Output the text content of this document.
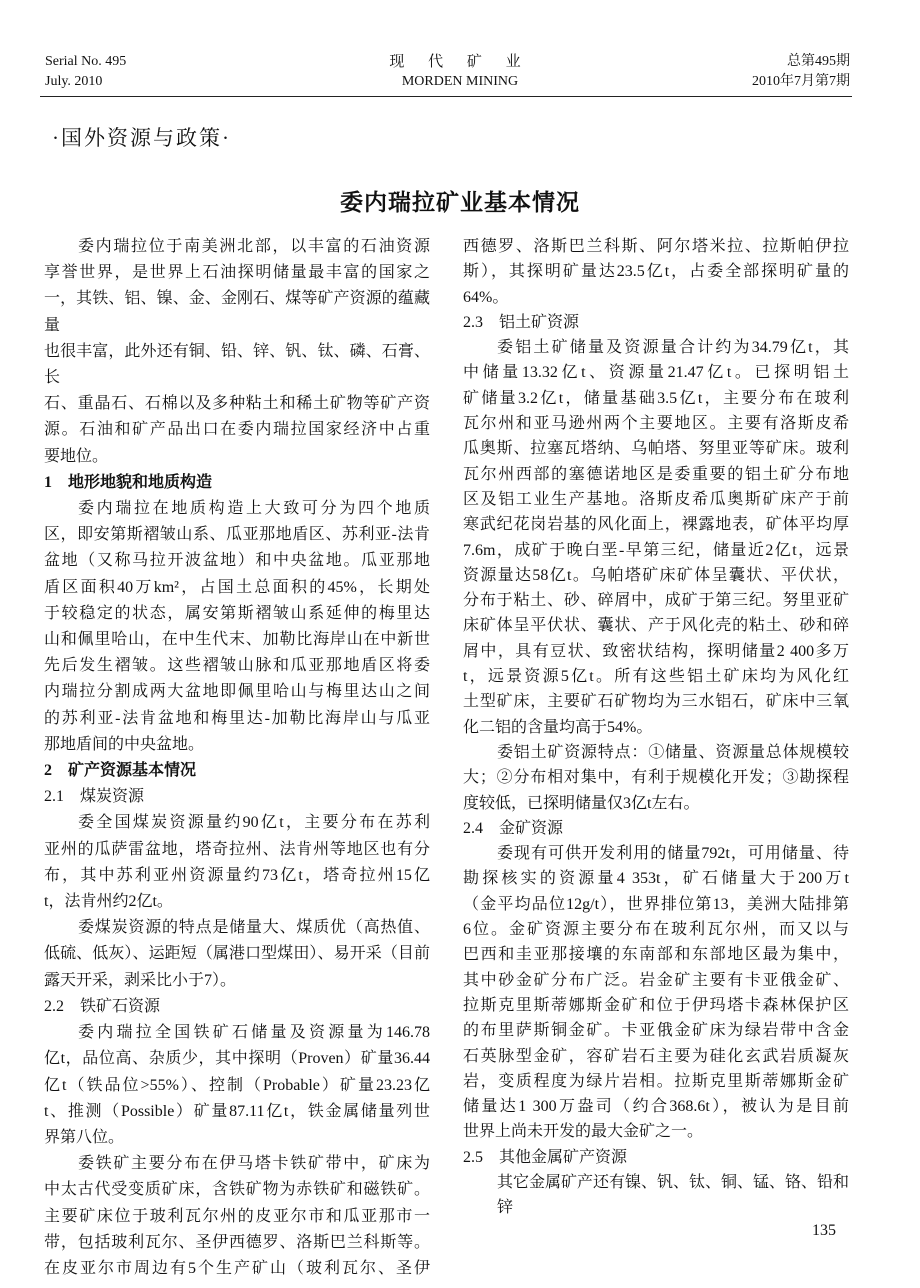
Serial No. 495
July. 2010
现 代 矿 业
MORDEN MINING
总第495期
2010年7月第7期
·国外资源与政策·
委内瑞拉矿业基本情况
委内瑞拉位于南美洲北部，以丰富的石油资源
享誉世界，是世界上石油探明储量最丰富的国家之
一，其铁、铝、镍、金、金刚石、煤等矿产资源的蕴藏量
也很丰富，此外还有铜、铅、锌、钒、钛、磷、石膏、长
石、重晶石、石棉以及多种粘土和稀土矿物等矿产资
源。石油和矿产品出口在委内瑞拉国家经济中占重
要地位。
1　地形地貌和地质构造
委内瑞拉在地质构造上大致可分为四个地质
区，即安第斯褶皱山系、瓜亚那地盾区、苏利亚-法肯
盆地（又称马拉开波盆地）和中央盆地。瓜亚那地
盾区面积40万km²，占国土总面积的45%，长期处
于较稳定的状态，属安第斯褶皱山系延伸的梅里达
山和佩里哈山，在中生代末、加勒比海岸山在中新世
先后发生褶皱。这些褶皱山脉和瓜亚那地盾区将委
内瑞拉分割成两大盆地即佩里哈山与梅里达山之间
的苏利亚-法肯盆地和梅里达-加勒比海岸山与瓜亚
那地盾间的中央盆地。
2　矿产资源基本情况
2.1　煤炭资源
委全国煤炭资源量约90亿t，主要分布在苏利
亚州的瓜萨雷盆地，塔奇拉州、法肯州等地区也有分
布，其中苏利亚州资源量约73亿t，塔奇拉州15亿
t，法肯州约2亿t。
委煤炭资源的特点是储量大、煤质优（高热值、
低硫、低灰）、运距短（属港口型煤田）、易开采（目前
露天开采，剥采比小于7）。
2.2　铁矿石资源
委内瑞拉全国铁矿石储量及资源量为146.78
亿t，品位高、杂质少，其中探明（Proven）矿量36.44
亿t（铁品位>55%）、控制（Probable）矿量23.23亿
t、推测（Possible）矿量87.11亿t，铁金属储量列世
界第八位。
委铁矿主要分布在伊马塔卡铁矿带中，矿床为
中太古代受变质矿床，含铁矿物为赤铁矿和磁铁矿。
主要矿床位于玻利瓦尔州的皮亚尔市和瓜亚那市一
带，包括玻利瓦尔、圣伊西德罗、洛斯巴兰科斯等。
在皮亚尔市周边有5个生产矿山（玻利瓦尔、圣伊
西德罗、洛斯巴兰科斯、阿尔塔米拉、拉斯帕伊拉
斯），其探明矿量达23.5亿t，占委全部探明矿量的
64%。
2.3　铝土矿资源
委铝土矿储量及资源量合计约为34.79亿t，其
中储量13.32亿t、资源量21.47亿t。已探明铝土
矿储量3.2亿t，储量基础3.5亿t，主要分布在玻利
瓦尔州和亚马逊州两个主要地区。主要有洛斯皮希
瓜奥斯、拉塞瓦塔纳、乌帕塔、努里亚等矿床。玻利
瓦尔州西部的塞德诺地区是委重要的铝土矿分布地
区及铝工业生产基地。洛斯皮希瓜奥斯矿床产于前
寒武纪花岗岩基的风化面上，裸露地表，矿体平均厚
7.6m，成矿于晚白垩-早第三纪，储量近2亿t，远景
资源量达58亿t。乌帕塔矿床矿体呈囊状、平伏状，
分布于粘土、砂、碎屑中，成矿于第三纪。努里亚矿
床矿体呈平伏状、囊状、产于风化壳的粘土、砂和碎
屑中，具有豆状、致密状结构，探明储量2 400多万
t，远景资源5亿t。所有这些铝土矿床均为风化红
土型矿床，主要矿石矿物均为三水铝石，矿床中三氧
化二铝的含量均高于54%。
委铝土矿资源特点：①储量、资源量总体规模较
大；②分布相对集中，有利于规模化开发；③勘探程
度较低，已探明储量仅3亿t左右。
2.4　金矿资源
委现有可供开发利用的储量792t，可用储量、待
勘探核实的资源量4 353t，矿石储量大于200万t
（金平均品位12g/t），世界排位第13，美洲大陆排第
6位。金矿资源主要分布在玻利瓦尔州，而又以与
巴西和圭亚那接壤的东南部和东部地区最为集中，
其中砂金矿分布广泛。岩金矿主要有卡亚俄金矿、
拉斯克里斯蒂娜斯金矿和位于伊玛塔卡森林保护区
的布里萨斯铜金矿。卡亚俄金矿床为绿岩带中含金
石英脉型金矿，容矿岩石主要为硅化玄武岩质凝灰
岩，变质程度为绿片岩相。拉斯克里斯蒂娜斯金矿
储量达1 300万盎司（约合368.6t），被认为是目前
世界上尚未开发的最大金矿之一。
2.5　其他金属矿产资源
其它金属矿产还有镍、钒、钛、铜、锰、铬、铅和锌
135
